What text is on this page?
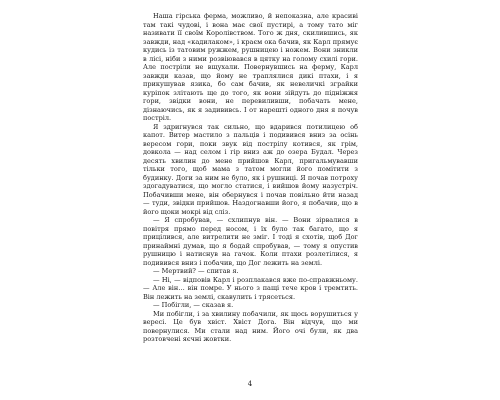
Наша гірська ферма, можливо, й непоказна, але красиві там такі чудові, і вона має свої пустирі, а тому тато міг називати її своїм Королівством. Того ж дня, скилившись, як завжди, над «кадилаком», і краєм ока бачив, як Карл прямує кудись із татовим ружжем, рушницею і ножем. Вони зникли в лісі, ніби з ними розвіювався в цятку на голому схилі гори. Але постріли не вщухали. Повернувшись на ферму, Карл завжди казав, що йому не траплялися дикі птахи, і я прикушував язика, бо сам бачив, як невеличкі зграйки куріпок злітають ще до того, як вони зійдуть до підніжжя гори, звідки вони, не перевиливши, побачать мене, дізнаючись, як я задививсь. І от нарешті одного дня я почув постріл.

Я здригнувся так сильно, що вдарився потилицею об капот. Витер мастило з пальців і подивився вниз за осінь вересом гори, поки звук від пострілу котився, як грім, довкола — над селом і гір вниз аж до озера Будал. Через десять хвилин до мене прийшов Карл, пригальмувавши тільки того, щоб мама з татом могли його помітити з будинку. Доги за ним не було, як і рушниці. Я почав потроху здогадуватися, що могло статися, і вийшов йому назустріч. Побачивши мене, він обернувся і почав повільно йти назад — туди, звідки прийшов. Наздогнавши його, я побачив, що в його щоки мокрі від сліз.

— Я спробував, — схлипнув він. — Вони зірвалися в повітря прямо перед носом, і їх було так багато, що я прицілився, але витрелити не зміг. І тоді я схотів, щоб Дог принаймні думав, що я бодай спробував, — тому я опустив рушницю і натиснув на гачок. Коли птахи розлетілися, я подивився вниз і побачив, що Дог лежить на землі.

— Мертвий? — спитав я.

— Ні, — відповів Карл і розплакався вже по-справжньому. — Але він… він помре. У нього з пащі тече кров і тремтить. Він лежить на землі, скавулить і трясеться.

— Побігли, — сказав я.

Ми побігли, і за хвилину побачили, як щось ворушиться у вересі. Це був хвіст. Хвіст Дога. Він відчув, що ми повернулися. Ми стали над ним. Його очі були, як два розтовчені яєчні жовтки.

4
